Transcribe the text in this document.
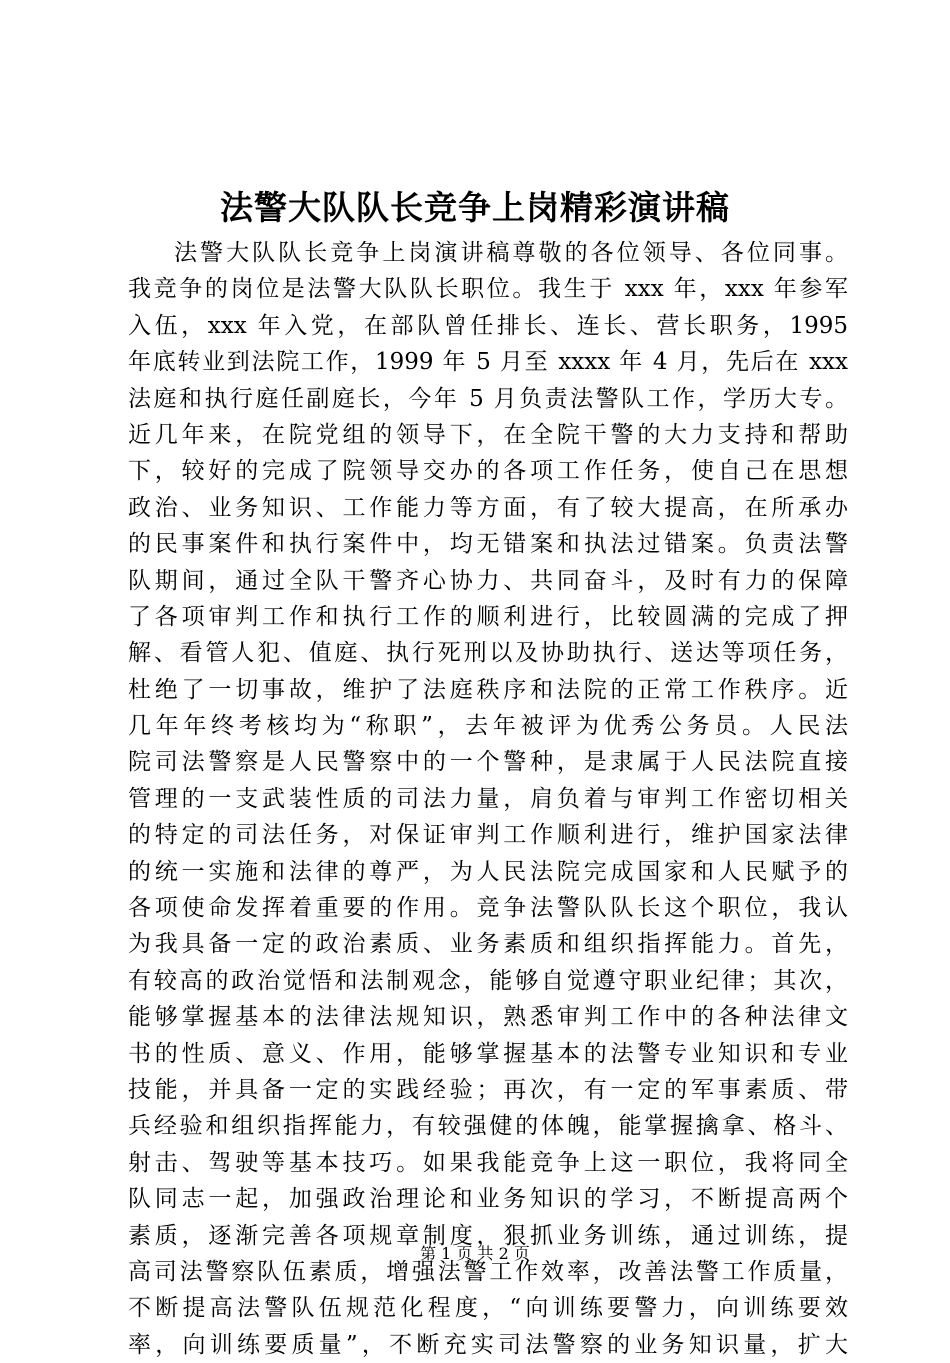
法警大队队长竞争上岗精彩演讲稿
法警大队队长竞争上岗演讲稿尊敬的各位领导、各位同事。
我竞争的岗位是法警大队队长职位。我生于 xxx 年，xxx 年参军
入伍，xxx 年入党，在部队曾任排长、连长、营长职务，1995
年底转业到法院工作，1999 年 5 月至 xxxx 年 4 月，先后在 xxx
法庭和执行庭任副庭长，今年 5 月负责法警队工作，学历大专。
近几年来，在院党组的领导下，在全院干警的大力支持和帮助
下，较好的完成了院领导交办的各项工作任务，使自己在思想
政治、业务知识、工作能力等方面，有了较大提高，在所承办
的民事案件和执行案件中，均无错案和执法过错案。负责法警
队期间，通过全队干警齐心协力、共同奋斗，及时有力的保障
了各项审判工作和执行工作的顺利进行，比较圆满的完成了押
解、看管人犯、值庭、执行死刑以及协助执行、送达等项任务，
杜绝了一切事故，维护了法庭秩序和法院的正常工作秩序。近
几年年终考核均为“称职”，去年被评为优秀公务员。人民法
院司法警察是人民警察中的一个警种，是隶属于人民法院直接
管理的一支武装性质的司法力量，肩负着与审判工作密切相关
的特定的司法任务，对保证审判工作顺利进行，维护国家法律
的统一实施和法律的尊严，为人民法院完成国家和人民赋予的
各项使命发挥着重要的作用。竞争法警队队长这个职位，我认
为我具备一定的政治素质、业务素质和组织指挥能力。首先，
有较高的政治觉悟和法制观念，能够自觉遵守职业纪律；其次，
能够掌握基本的法律法规知识，熟悉审判工作中的各种法律文
书的性质、意义、作用，能够掌握基本的法警专业知识和专业
技能，并具备一定的实践经验；再次，有一定的军事素质、带
兵经验和组织指挥能力，有较强健的体魄，能掌握擒拿、格斗、
射击、驾驶等基本技巧。如果我能竞争上这一职位，我将同全
队同志一起，加强政治理论和业务知识的学习，不断提高两个
素质，逐渐完善各项规章制度，狠抓业务训练，通过训练，提
高司法警察队伍素质，增强法警工作效率，改善法警工作质量，
不断提高法警队伍规范化程度，“向训练要警力，向训练要效
率，向训练要质量”，不断充实司法警察的业务知识量，扩大
第 1 页 共 2 页
